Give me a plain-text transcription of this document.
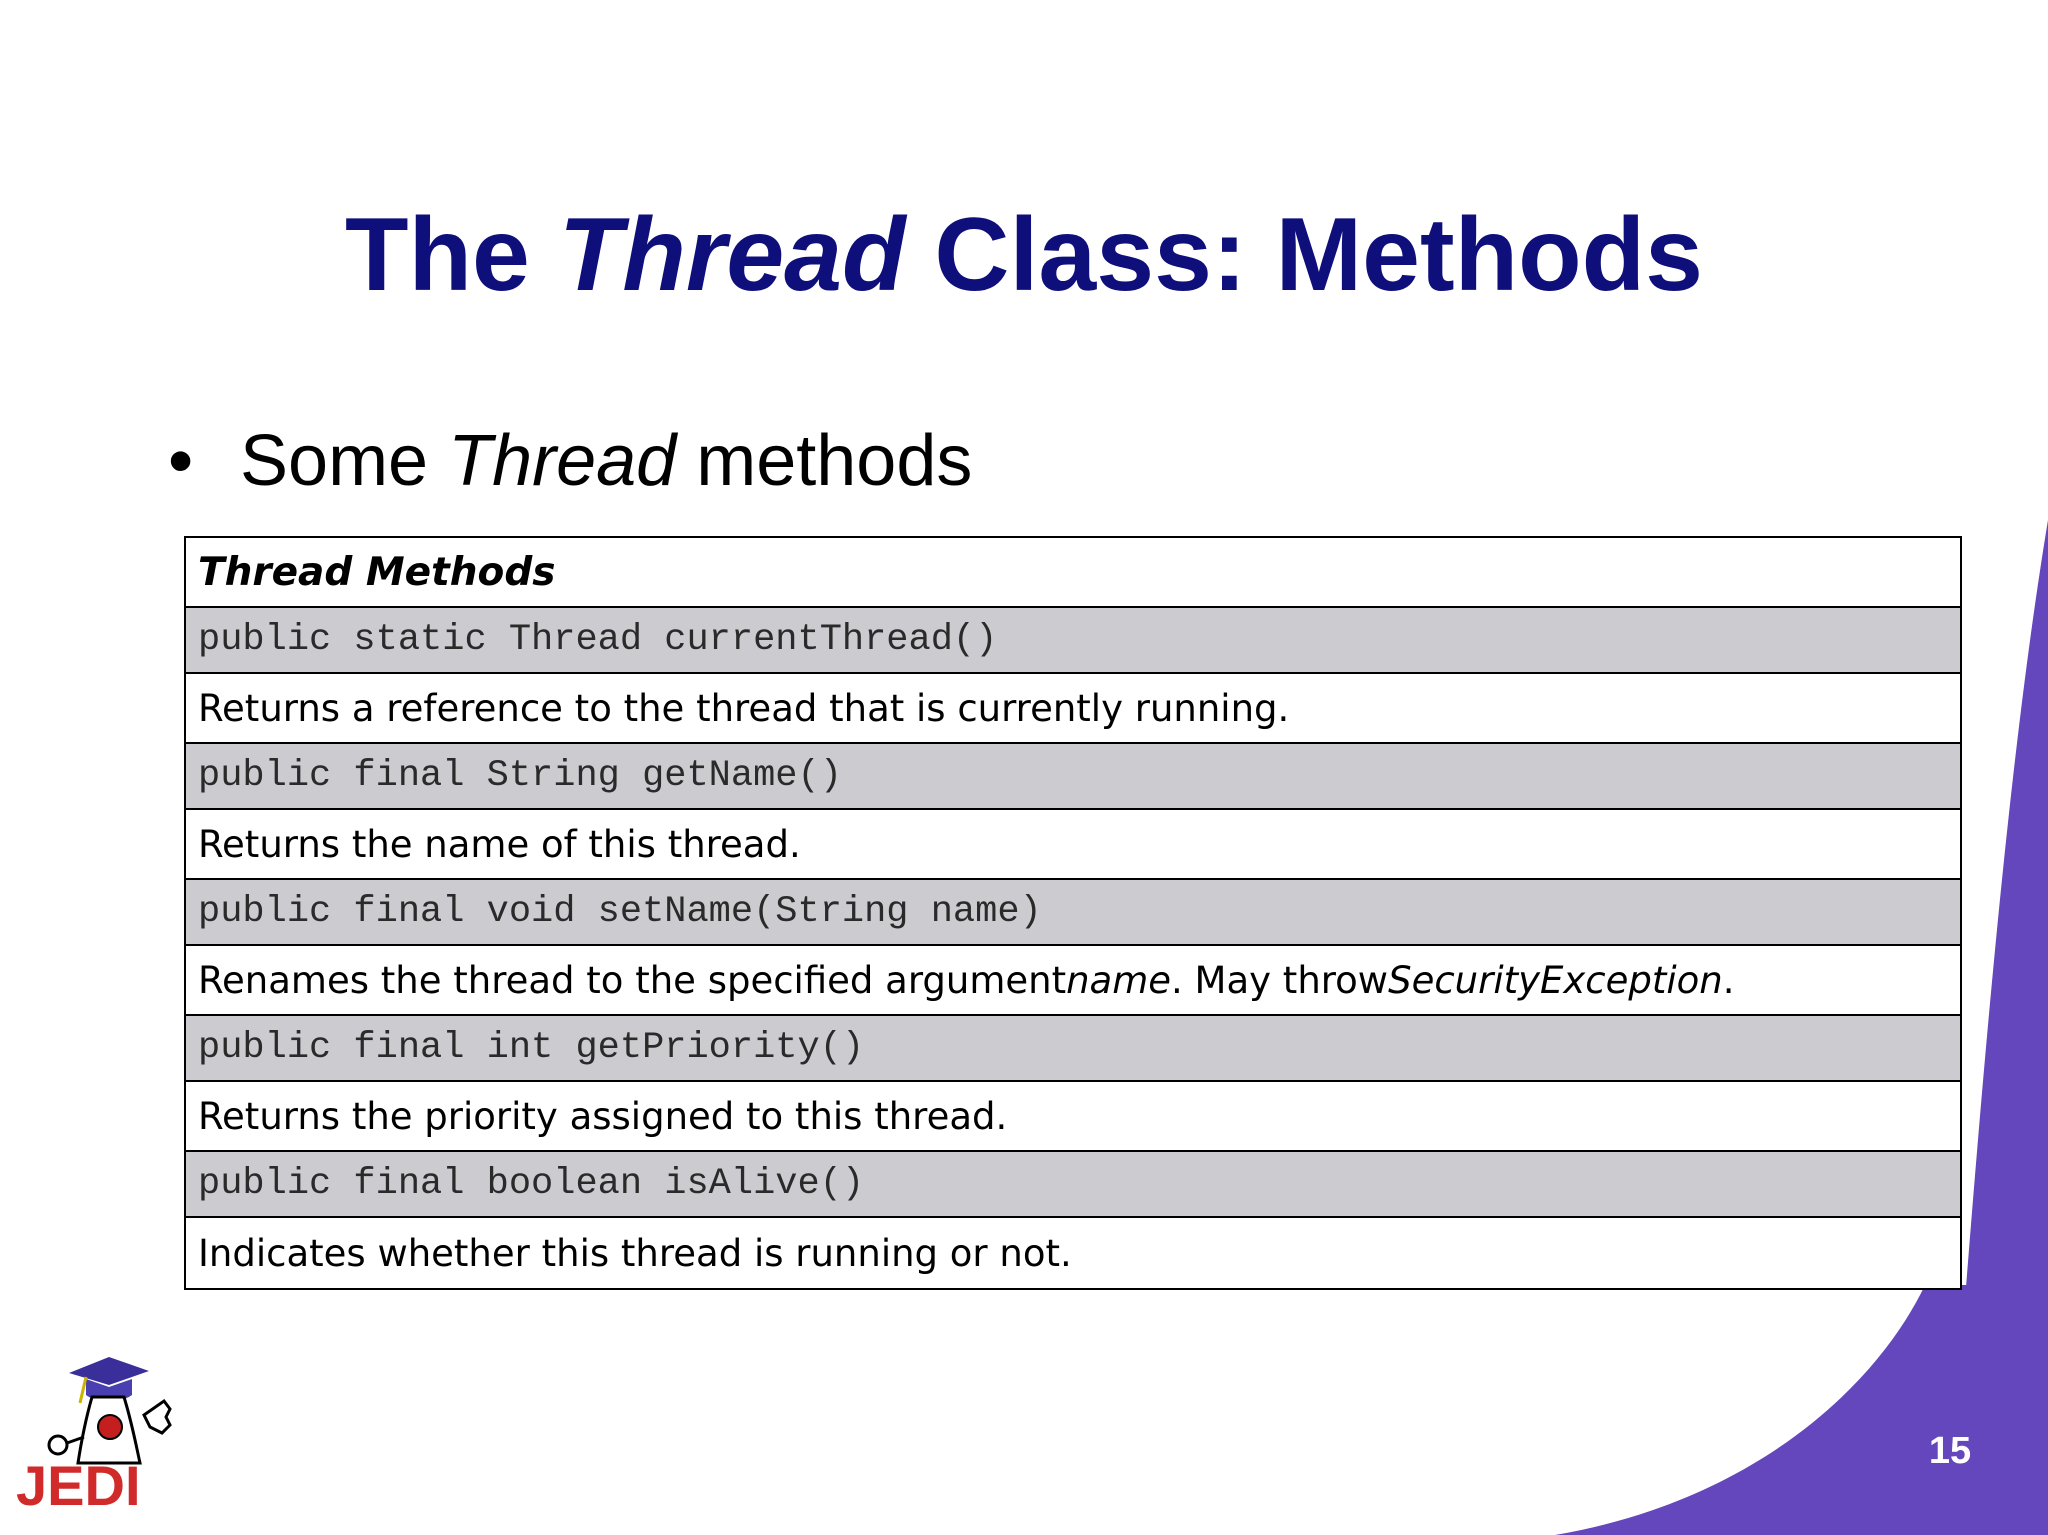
The Thread Class: Methods
• Some Thread methods
Thread Methods
public static Thread currentThread()
Returns a reference to the thread that is currently running.
public final String getName()
Returns the name of this thread.
public final void setName(String name)
Renames the thread to the specified argument name . May throw SecurityException .
public final int getPriority()
Returns the priority assigned to this thread.
public final boolean isAlive()
Indicates whether this thread is running or not.
JEDI
15
